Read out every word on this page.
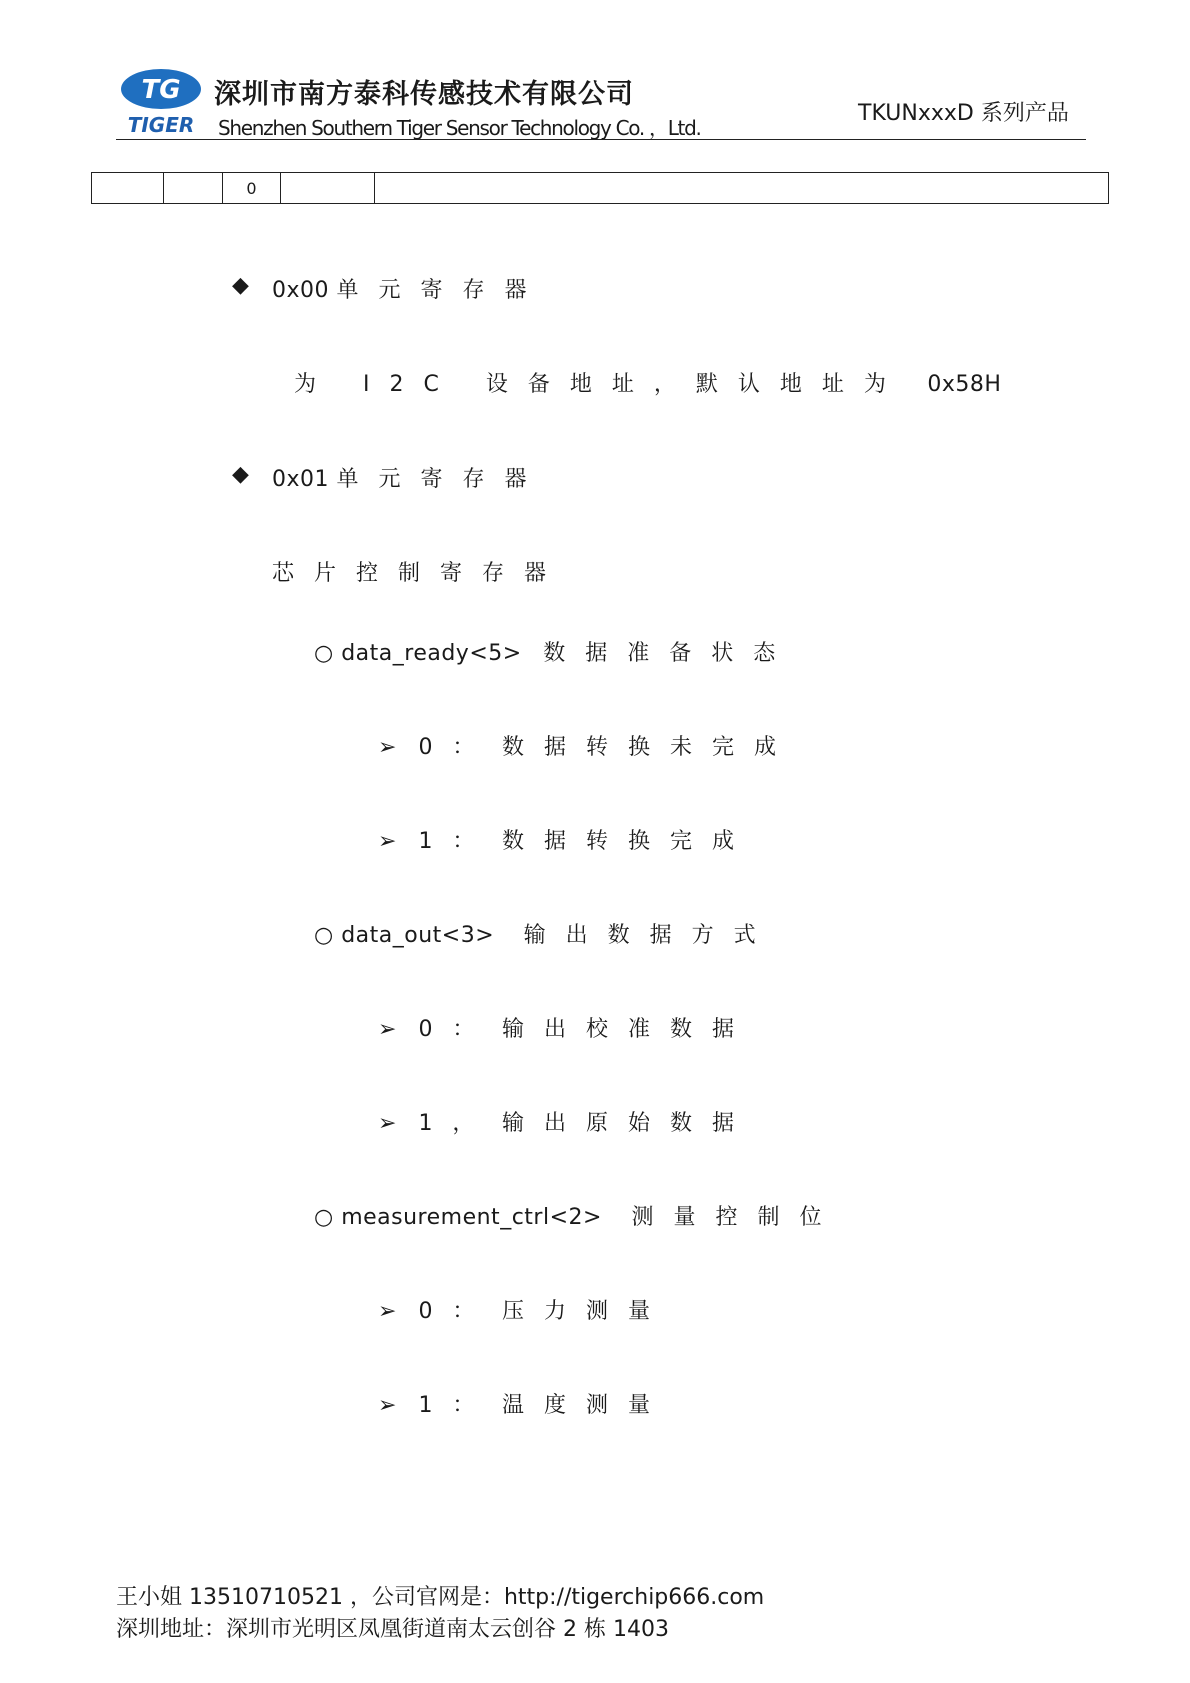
TG
TIGER
深圳市南方泰科传感技术有限公司
Shenzhen Southern Tiger Sensor Technology Co. ，Ltd.
TKUNxxxD 系列产品
		0		
◆ 0x00 单元寄存器
为 I2C 设备地址，默认地址为 0x58H
◆ 0x01 单元寄存器
芯片控制寄存器
○ data_ready<5> 数据准备状态
➢ 0： 数据转换未完成
➢ 1： 数据转换完成
○ data_out<3> 输出数据方式
➢ 0： 输出校准数据
➢ 1， 输出原始数据
○ measurement_ctrl<2> 测量控制位
➢ 0： 压力测量
➢ 1： 温度测量
王小姐 13510710521 ，公司官网是：http://tigerchip666.com
深圳地址：深圳市光明区凤凰街道南太云创谷 2 栋 1403
